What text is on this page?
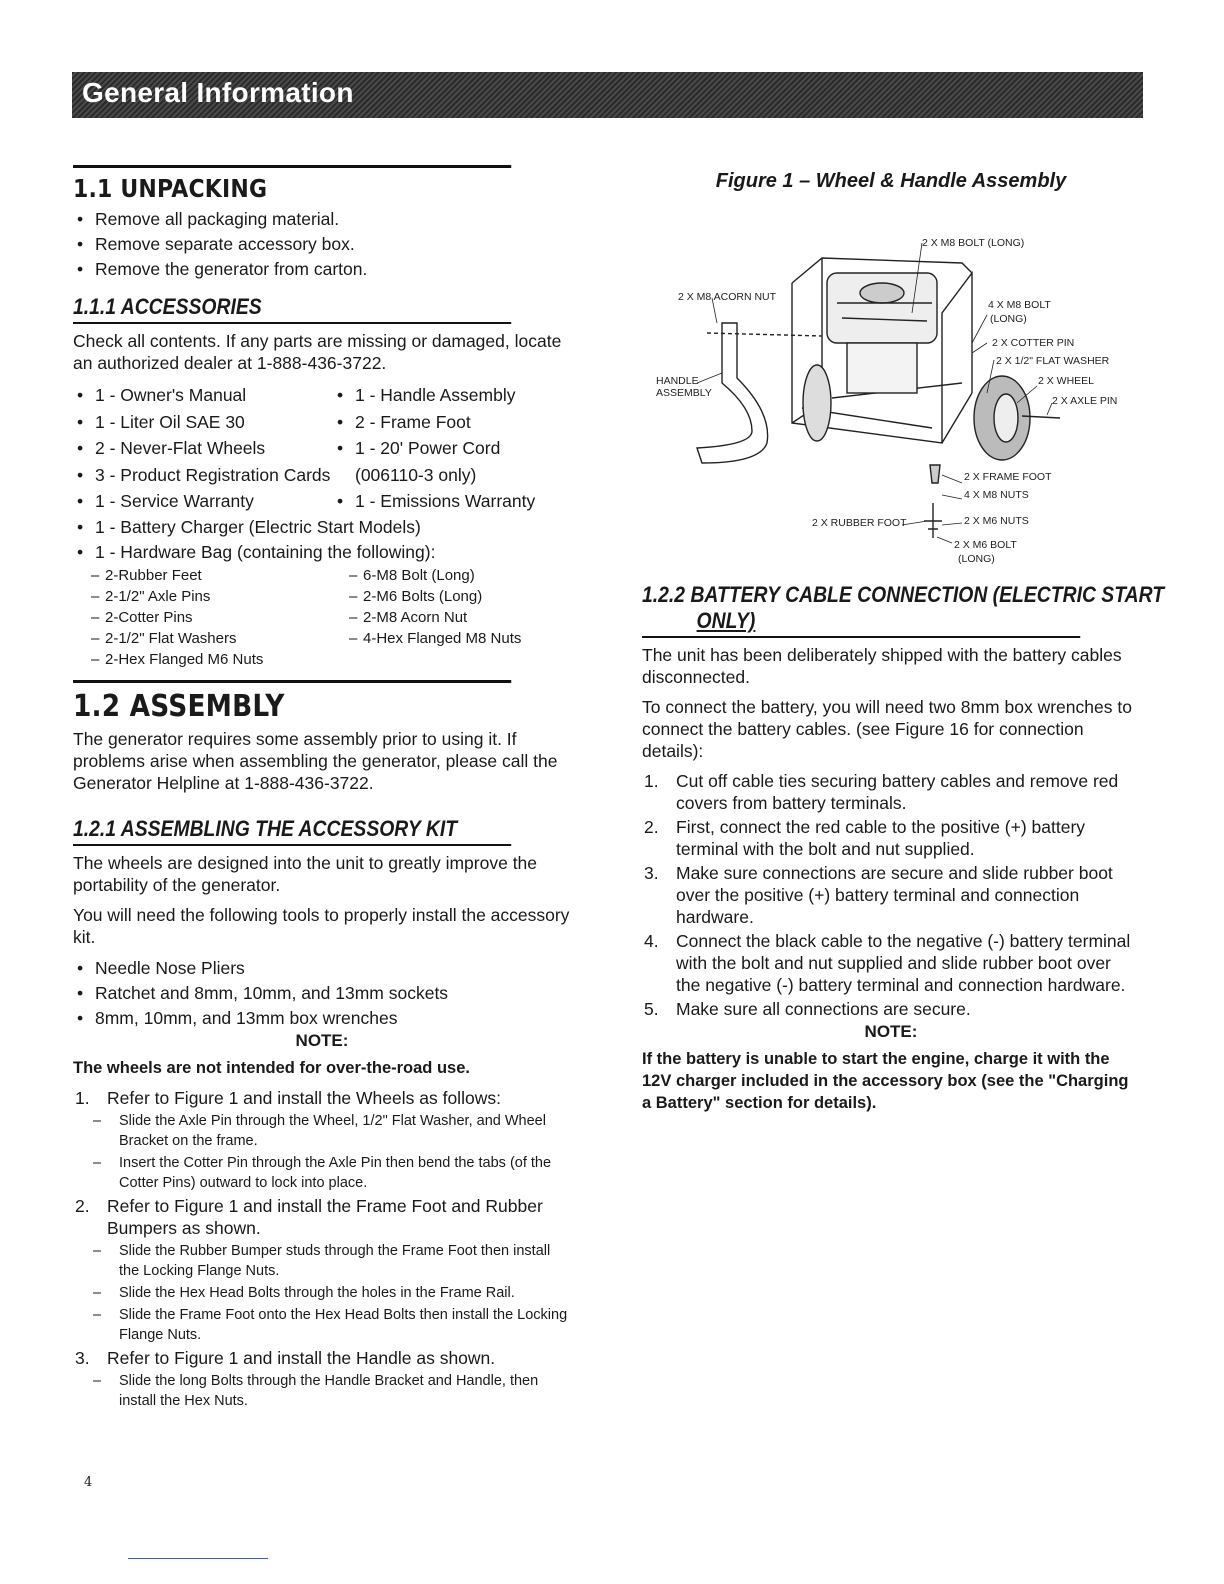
General Information
1.1 UNPACKING
• Remove all packaging material.
• Remove separate accessory box.
• Remove the generator from carton.
1.1.1 ACCESSORIES

Check all contents. If any parts are missing or damaged, locate an authorized dealer at 1-888-436-3722.

• 1 - Owner's Manual	• 1 - Handle Assembly
• 1 - Liter Oil SAE 30	• 2 - Frame Foot
• 2 - Never-Flat Wheels	• 1 - 20' Power Cord
• 3 - Product Registration Cards	(006110-3 only)
• 1 - Service Warranty	• 1 - Emissions Warranty
• 1 - Battery Charger (Electric Start Models)
• 1 - Hardware Bag (containing the following):
– 2-Rubber Feet	– 6-M8 Bolt (Long)
– 2-1/2" Axle Pins	– 2-M6 Bolts (Long)
– 2-Cotter Pins	– 2-M8 Acorn Nut
– 2-1/2" Flat Washers	– 4-Hex Flanged M8 Nuts
– 2-Hex Flanged M6 Nuts
1.2 ASSEMBLY

The generator requires some assembly prior to using it. If problems arise when assembling the generator, please call the Generator Helpline at 1-888-436-3722.

1.2.1 ASSEMBLING THE ACCESSORY KIT

The wheels are designed into the unit to greatly improve the portability of the generator.

You will need the following tools to properly install the accessory kit.

• Needle Nose Pliers
• Ratchet and 8mm, 10mm, and 13mm sockets
• 8mm, 10mm, and 13mm box wrenches
NOTE:
The wheels are not intended for over-the-road use.
1. Refer to Figure 1 and install the Wheels as follows:
– Slide the Axle Pin through the Wheel, 1/2" Flat Washer, and Wheel Bracket on the frame.
– Insert the Cotter Pin through the Axle Pin then bend the tabs (of the Cotter Pins) outward to lock into place.
2. Refer to Figure 1 and install the Frame Foot and Rubber Bumpers as shown.
– Slide the Rubber Bumper studs through the Frame Foot then install the Locking Flange Nuts.
– Slide the Hex Head Bolts through the holes in the Frame Rail.
– Slide the Frame Foot onto the Hex Head Bolts then install the Locking Flange Nuts.
3. Refer to Figure 1 and install the Handle as shown.
– Slide the long Bolts through the Handle Bracket and Handle, then install the Hex Nuts.
Figure 1 – Wheel & Handle Assembly
2 X M8 BOLT (LONG)
2 X M8 ACORN NUT
4 X M8 BOLT
(LONG)
2 X COTTER PIN
2 X 1/2" FLAT WASHER
HANDLE
ASSEMBLY
2 X WHEEL
2 X AXLE PIN
2 X FRAME FOOT
4 X M8 NUTS
2 X RUBBER FOOT	2 X M6 NUTS
2 X M6 BOLT
(LONG)
1.2.2 BATTERY CABLE CONNECTION (ELECTRIC START
ONLY)

The unit has been deliberately shipped with the battery cables disconnected.

To connect the battery, you will need two 8mm box wrenches to connect the battery cables. (see Figure 16 for connection details):

1. Cut off cable ties securing battery cables and remove red covers from battery terminals.
2. First, connect the red cable to the positive (+) battery terminal with the bolt and nut supplied.
3. Make sure connections are secure and slide rubber boot over the positive (+) battery terminal and connection hardware.
4. Connect the black cable to the negative (-) battery terminal with the bolt and nut supplied and slide rubber boot over the negative (-) battery terminal and connection hardware.
5. Make sure all connections are secure.
NOTE:
If the battery is unable to start the engine, charge it with the 12V charger included in the accessory box (see the "Charging a Battery" section for details).
4
